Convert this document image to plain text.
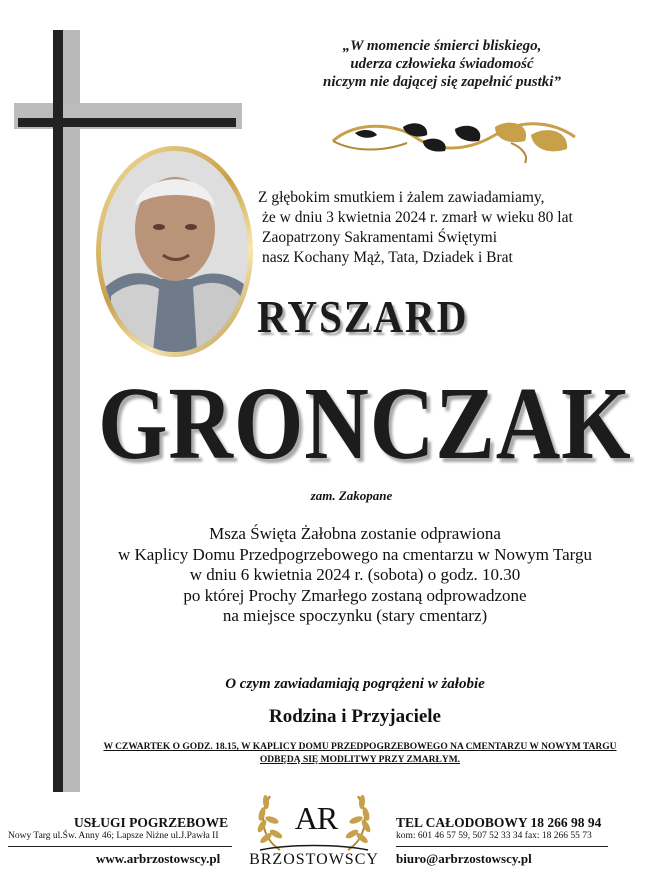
„W momencie śmierci bliskiego,
uderza człowieka świadomość
niczym nie dającej się zapełnić pustki”
Z głębokim smutkiem i żalem zawiadamiamy,
że w dniu 3 kwietnia 2024 r. zmarł w wieku 80 lat
Zaopatrzony Sakramentami Świętymi
nasz Kochany Mąż, Tata, Dziadek i Brat
RYSZARD
GRONCZAK
zam. Zakopane
Msza Święta Żałobna zostanie odprawiona
w Kaplicy Domu Przedpogrzebowego na cmentarzu w Nowym Targu
w dniu 6 kwietnia 2024 r. (sobota) o godz. 10.30
po której Prochy Zmarłego zostaną odprowadzone
na miejsce spoczynku (stary cmentarz)
O czym zawiadamiają pogrążeni w żałobie
Rodzina i Przyjaciele
W CZWARTEK O GODZ. 18.15, W KAPLICY DOMU PRZEDPOGRZEBOWEGO NA CMENTARZU W NOWYM TARGU
ODBĘDĄ SIĘ MODLITWY PRZY ZMARŁYM.
USŁUGI POGRZEBOWE
Nowy Targ ul.Św. Anny 46; Lapsze Niżne ul.J.Pawła II
www.arbrzostowscy.pl
AR
BRZOSTOWSCY
TEL CAŁODOBOWY 18 266 98 94
kom: 601 46 57 59, 507 52 33 34 fax: 18 266 55 73
biuro@arbrzostowscy.pl
